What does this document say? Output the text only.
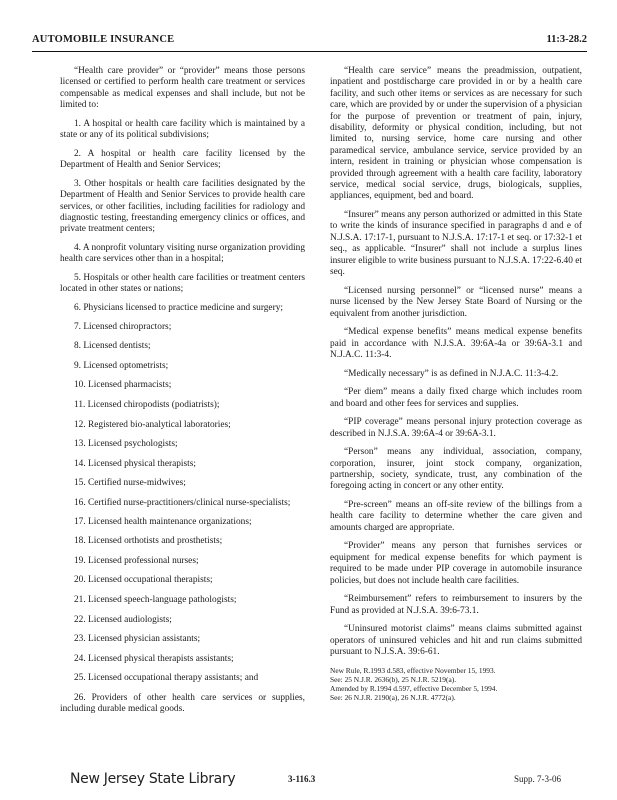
AUTOMOBILE INSURANCE	11:3-28.2

“Health care provider” or “provider” means those persons licensed or certified to perform health care treatment or services compensable as medical expenses and shall include, but not be limited to:

1. A hospital or health care facility which is maintained by a state or any of its political subdivisions;

2. A hospital or health care facility licensed by the Department of Health and Senior Services;

3. Other hospitals or health care facilities designated by the Department of Health and Senior Services to provide health care services, or other facilities, including facilities for radiology and diagnostic testing, freestanding emergency clinics or offices, and private treatment centers;

4. A nonprofit voluntary visiting nurse organization providing health care services other than in a hospital;

5. Hospitals or other health care facilities or treatment centers located in other states or nations;

6. Physicians licensed to practice medicine and surgery;

7. Licensed chiropractors;

8. Licensed dentists;

9. Licensed optometrists;

10. Licensed pharmacists;

11. Licensed chiropodists (podiatrists);

12. Registered bio-analytical laboratories;

13. Licensed psychologists;

14. Licensed physical therapists;

15. Certified nurse-midwives;

16. Certified nurse-practitioners/clinical nurse-specialists;

17. Licensed health maintenance organizations;

18. Licensed orthotists and prosthetists;

19. Licensed professional nurses;

20. Licensed occupational therapists;

21. Licensed speech-language pathologists;

22. Licensed audiologists;

23. Licensed physician assistants;

24. Licensed physical therapists assistants;

25. Licensed occupational therapy assistants; and

26. Providers of other health care services or supplies, including durable medical goods.

“Health care service” means the preadmission, outpatient, inpatient and postdischarge care provided in or by a health care facility, and such other items or services as are necessary for such care, which are provided by or under the supervision of a physician for the purpose of prevention or treatment of pain, injury, disability, deformity or physical condition, including, but not limited to, nursing service, home care nursing and other paramedical service, ambulance service, service provided by an intern, resident in training or physician whose compensation is provided through agreement with a health care facility, laboratory service, medical social service, drugs, biologicals, supplies, appliances, equipment, bed and board.

“Insurer” means any person authorized or admitted in this State to write the kinds of insurance specified in paragraphs d and e of N.J.S.A. 17:17-1, pursuant to N.J.S.A. 17:17-1 et seq. or 17:32-1 et seq., as applicable. “Insurer” shall not include a surplus lines insurer eligible to write business pursuant to N.J.S.A. 17:22-6.40 et seq.

“Licensed nursing personnel” or “licensed nurse” means a nurse licensed by the New Jersey State Board of Nursing or the equivalent from another jurisdiction.

“Medical expense benefits” means medical expense benefits paid in accordance with N.J.S.A. 39:6A-4a or 39:6A-3.1 and N.J.A.C. 11:3-4.

“Medically necessary” is as defined in N.J.A.C. 11:3-4.2.

“Per diem” means a daily fixed charge which includes room and board and other fees for services and supplies.

“PIP coverage” means personal injury protection coverage as described in N.J.S.A. 39:6A-4 or 39:6A-3.1.

“Person” means any individual, association, company, corporation, insurer, joint stock company, organization, partnership, society, syndicate, trust, any combination of the foregoing acting in concert or any other entity.

“Pre-screen” means an off-site review of the billings from a health care facility to determine whether the care given and amounts charged are appropriate.

“Provider” means any person that furnishes services or equipment for medical expense benefits for which payment is required to be made under PIP coverage in automobile insurance policies, but does not include health care facilities.

“Reimbursement” refers to reimbursement to insurers by the Fund as provided at N.J.S.A. 39:6-73.1.

“Uninsured motorist claims” means claims submitted against operators of uninsured vehicles and hit and run claims submitted pursuant to N.J.S.A. 39:6-61.

New Rule, R.1993 d.583, effective November 15, 1993.
See: 25 N.J.R. 2636(b), 25 N.J.R. 5219(a).
Amended by R.1994 d.597, effective December 5, 1994.
See: 26 N.J.R. 2190(a), 26 N.J.R. 4772(a).
New Jersey State Library	3-116.3	Supp. 7-3-06
